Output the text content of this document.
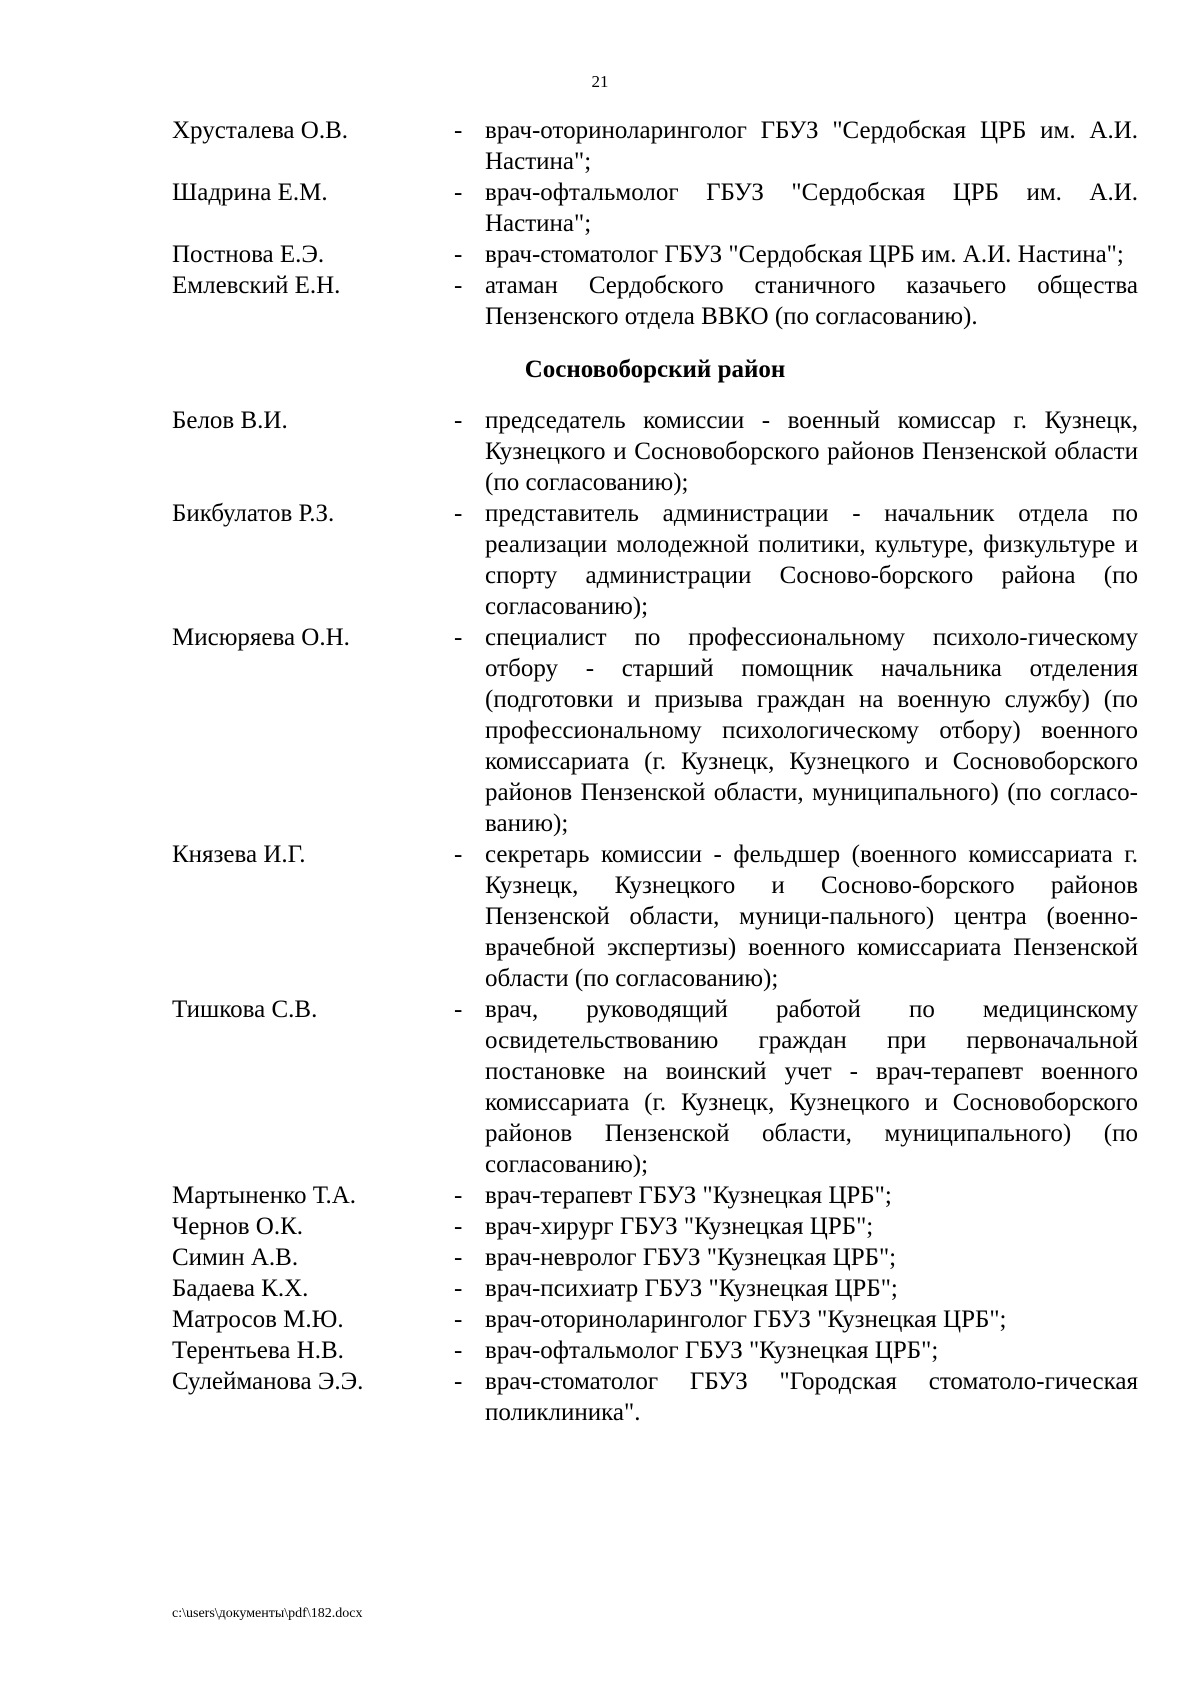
21
Хрусталева О.В.	- врач-оториноларинголог ГБУЗ "Сердобская ЦРБ им. А.И. Настина";
Шадрина Е.М.	- врач-офтальмолог ГБУЗ "Сердобская ЦРБ им. А.И. Настина";
Постнова Е.Э.	- врач-стоматолог ГБУЗ "Сердобская ЦРБ им. А.И. Настина";
Емлевский Е.Н.	- атаман Сердобского станичного казачьего общества Пензенского отдела ВВКО (по согласованию).
Сосновоборский район
Белов В.И.	- председатель комиссии - военный комиссар г. Кузнецк, Кузнецкого и Сосновоборского районов Пензенской области (по согласованию);
Бикбулатов Р.З.	- представитель администрации - начальник отдела по реализации молодежной политики, культуре, физкультуре и спорту администрации Сосново-борского района (по согласованию);
Мисюряева О.Н.	- специалист по профессиональному психоло-гическому отбору - старший помощник начальника отделения (подготовки и призыва граждан на военную службу) (по профессиональному психологическому отбору) военного комиссариата (г. Кузнецк, Кузнецкого и Сосновоборского районов Пензенской области, муниципального) (по согласо-ванию);
Князева И.Г.	- секретарь комиссии - фельдшер (военного комиссариата г. Кузнецк, Кузнецкого и Сосново-борского районов Пензенской области, муници-пального) центра (военно-врачебной экспертизы) военного комиссариата Пензенской области (по согласованию);
Тишкова С.В.	- врач, руководящий работой по медицинскому освидетельствованию граждан при первоначальной постановке на воинский учет - врач-терапевт военного комиссариата (г. Кузнецк, Кузнецкого и Сосновоборского районов Пензенской области, муниципального) (по согласованию);
Мартыненко Т.А.	- врач-терапевт ГБУЗ "Кузнецкая ЦРБ";
Чернов О.К.	- врач-хирург ГБУЗ "Кузнецкая ЦРБ";
Симин А.В.	- врач-невролог ГБУЗ "Кузнецкая ЦРБ";
Бадаева К.Х.	- врач-психиатр ГБУЗ "Кузнецкая ЦРБ";
Матросов М.Ю.	- врач-оториноларинголог ГБУЗ "Кузнецкая ЦРБ";
Терентьева Н.В.	- врач-офтальмолог ГБУЗ "Кузнецкая ЦРБ";
Сулейманова Э.Э.	- врач-стоматолог ГБУЗ "Городская стоматоло-гическая поликлиника".
c:\users\документы\pdf\182.docx
